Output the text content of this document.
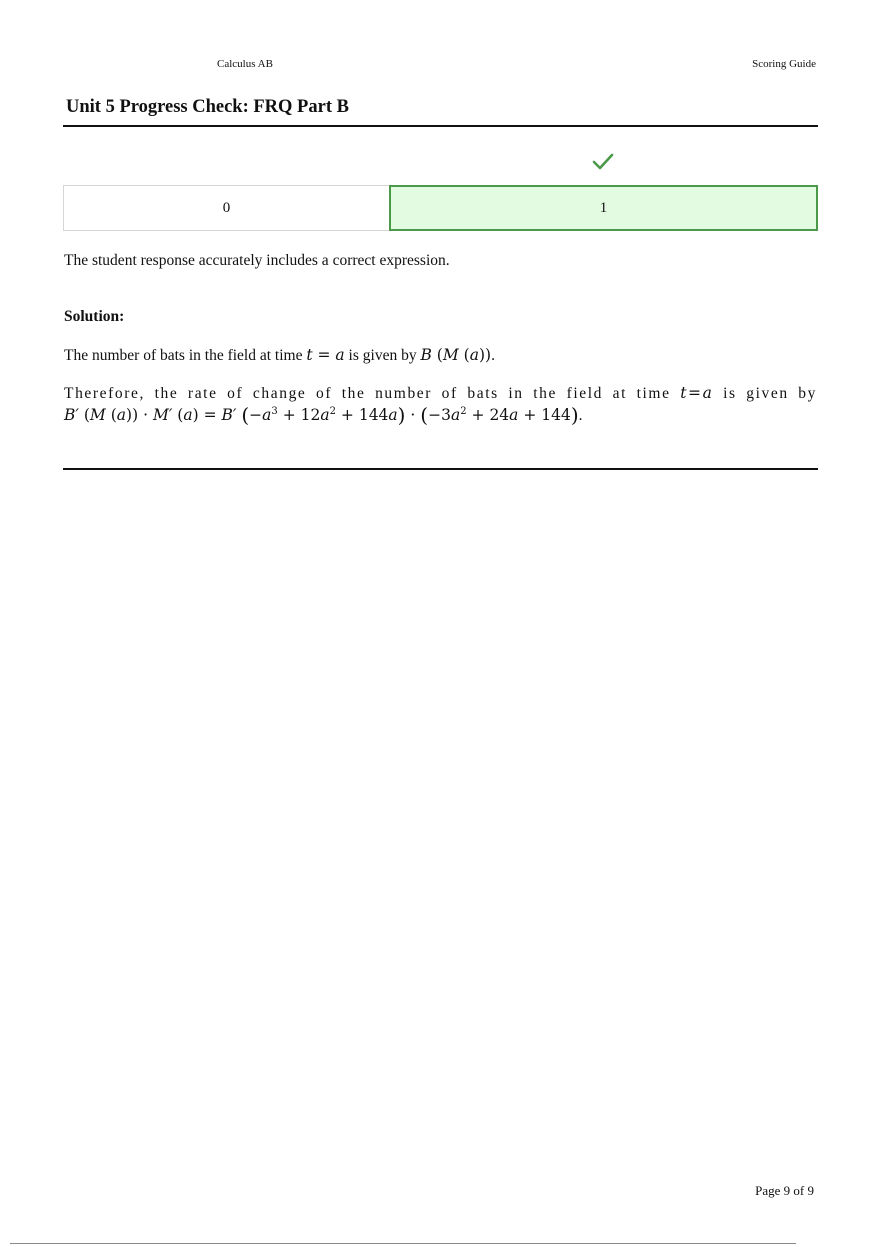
Calculus AB	Scoring Guide
Unit 5 Progress Check: FRQ Part B
0	1
The student response accurately includes a correct expression.
Solution:
The number of bats in the field at time t = a is given by B (M (a)).
Therefore, the rate of change of the number of bats in the field at time t=a is given by
B′ (M (a)) · M′ (a) = B′ $(-a^3 + 12a^2 + 144a) \cdot (-3a^2 + 24a + 144)$.
Page 9 of 9
